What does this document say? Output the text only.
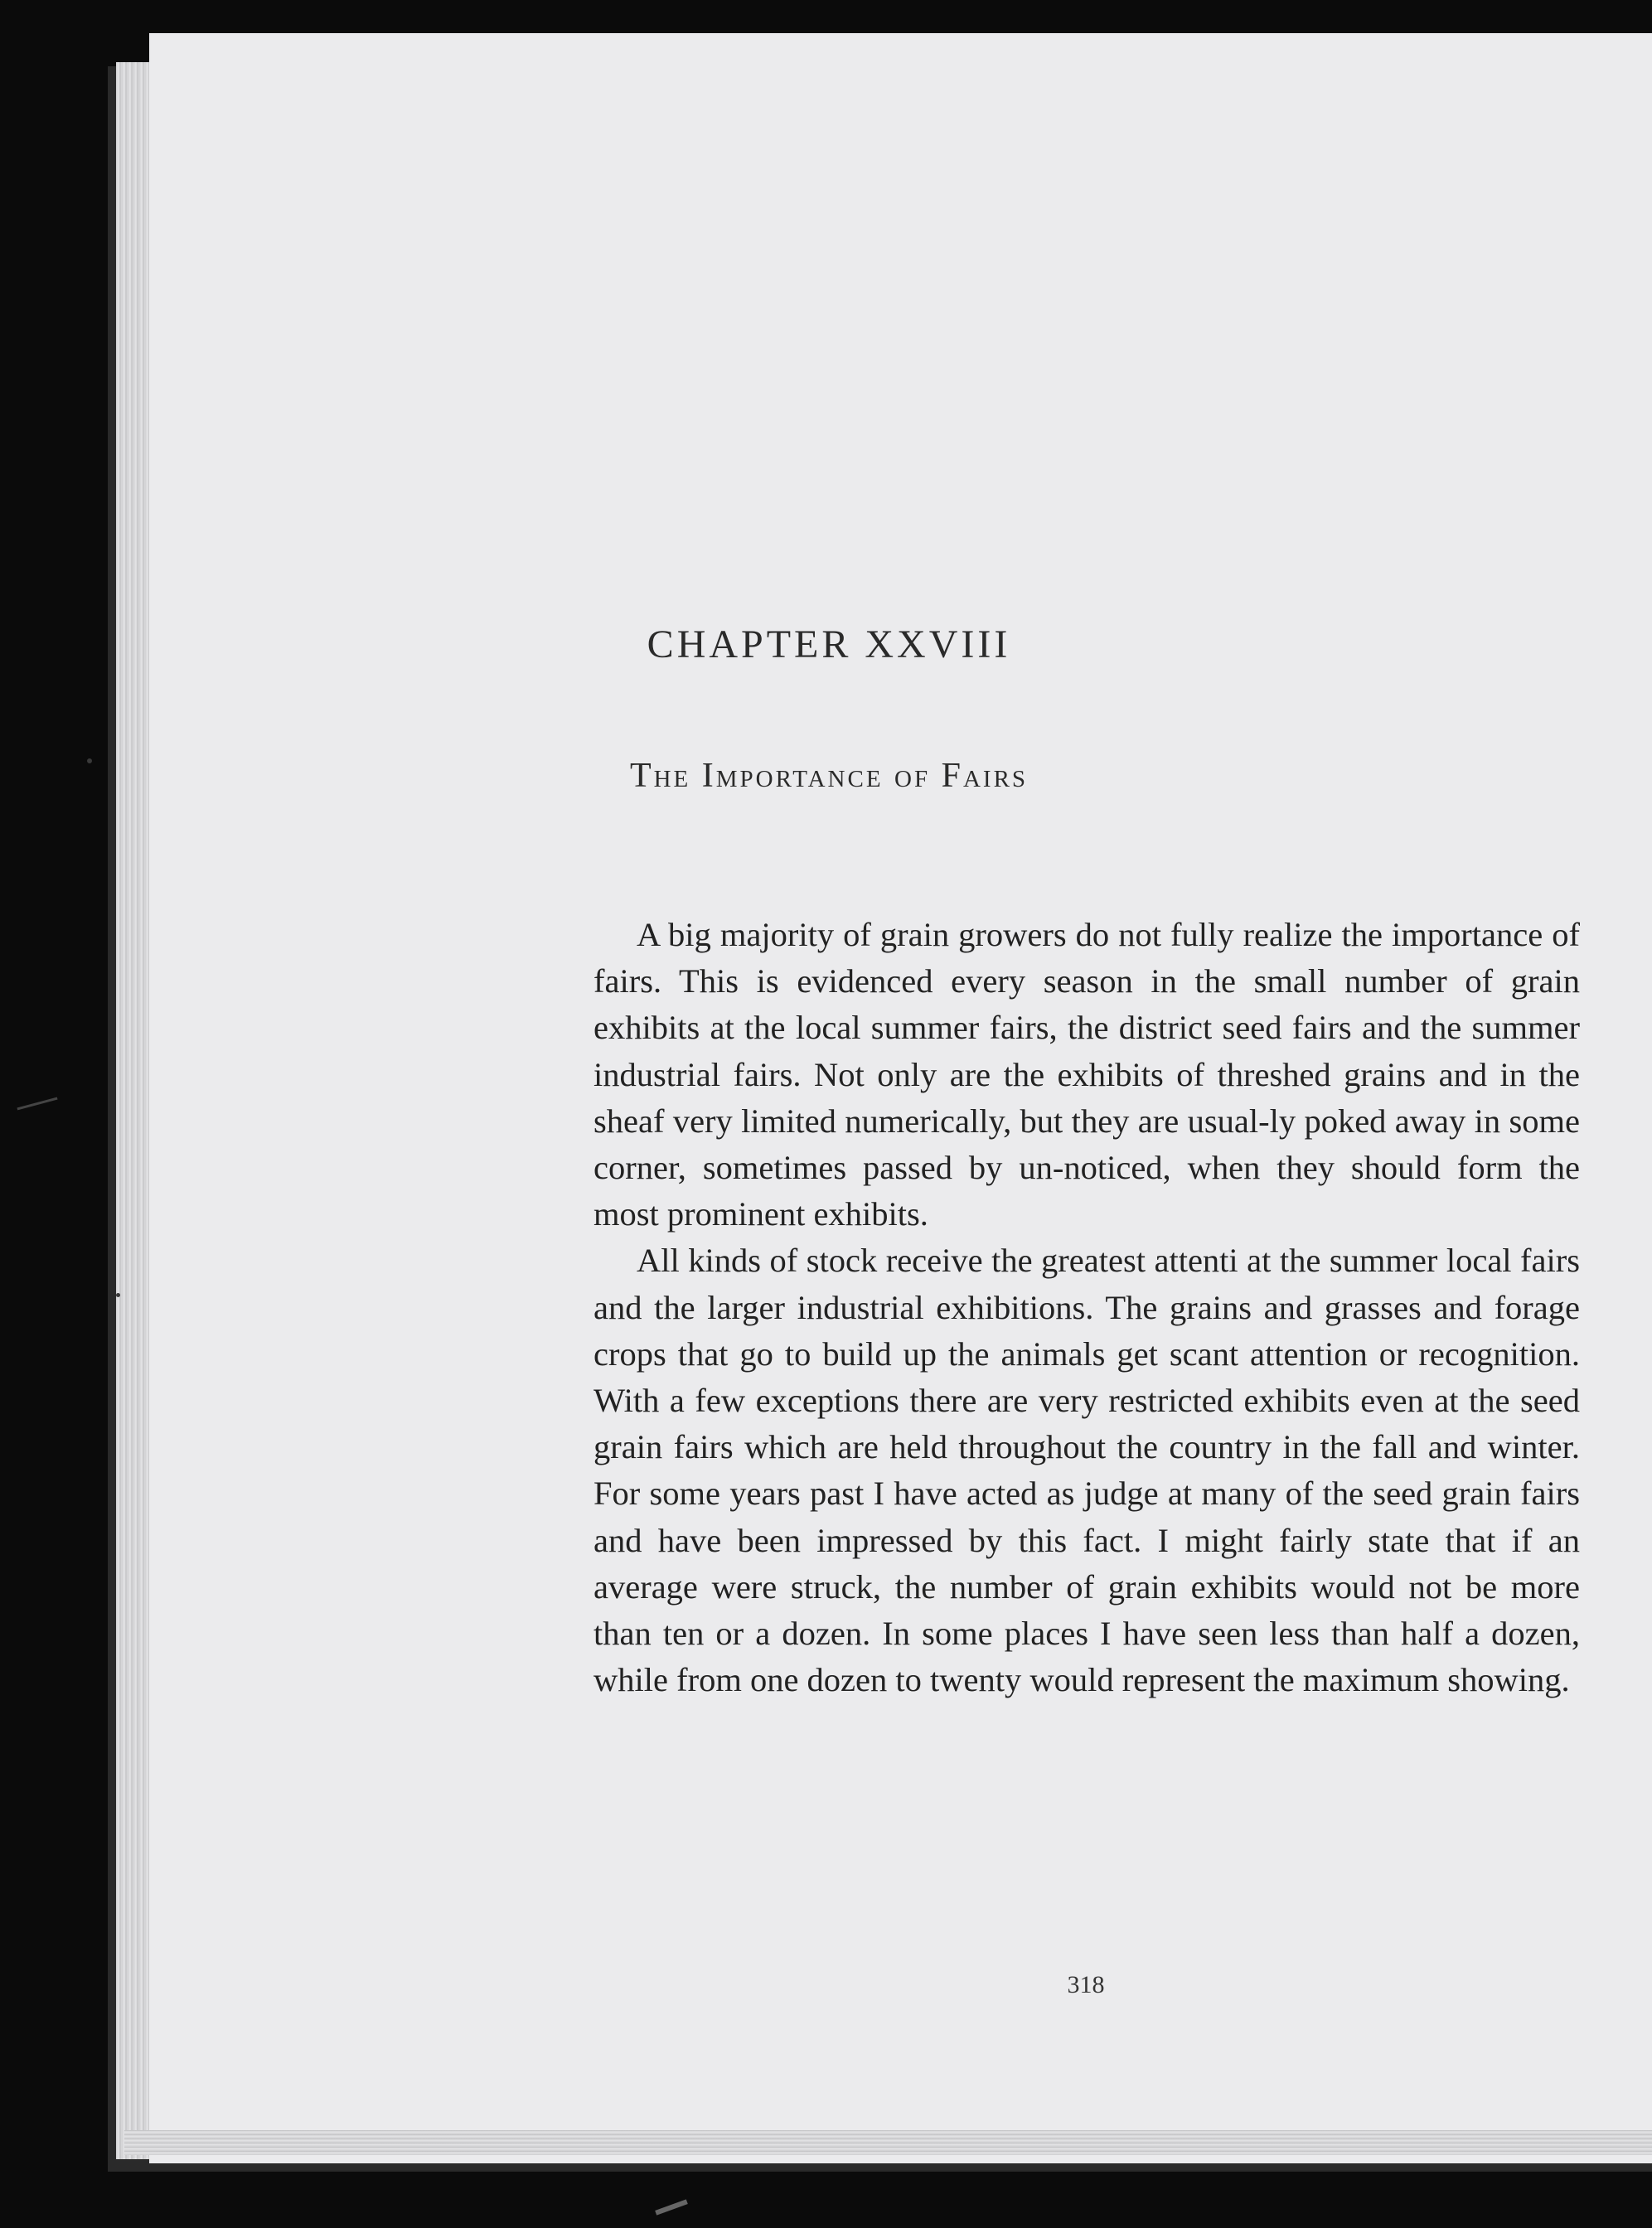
CHAPTER XXVIII
The Importance of Fairs

A big majority of grain growers do not fully realize the importance of fairs. This is evidenced every season in the small number of grain exhibits at the local summer fairs, the district seed fairs and the summer industrial fairs. Not only are the exhibits of threshed grains and in the sheaf very limited numerically, but they are usual-ly poked away in some corner, sometimes passed by un-noticed, when they should form the most prominent exhibits.

All kinds of stock receive the greatest attenti at the summer local fairs and the larger industrial exhibitions. The grains and grasses and forage crops that go to build up the animals get scant attention or recognition. With a few exceptions there are very restricted exhibits even at the seed grain fairs which are held throughout the country in the fall and winter. For some years past I have acted as judge at many of the seed grain fairs and have been impressed by this fact. I might fairly state that if an average were struck, the number of grain exhibits would not be more than ten or a dozen. In some places I have seen less than half a dozen, while from one dozen to twenty would represent the maximum showing.

318
